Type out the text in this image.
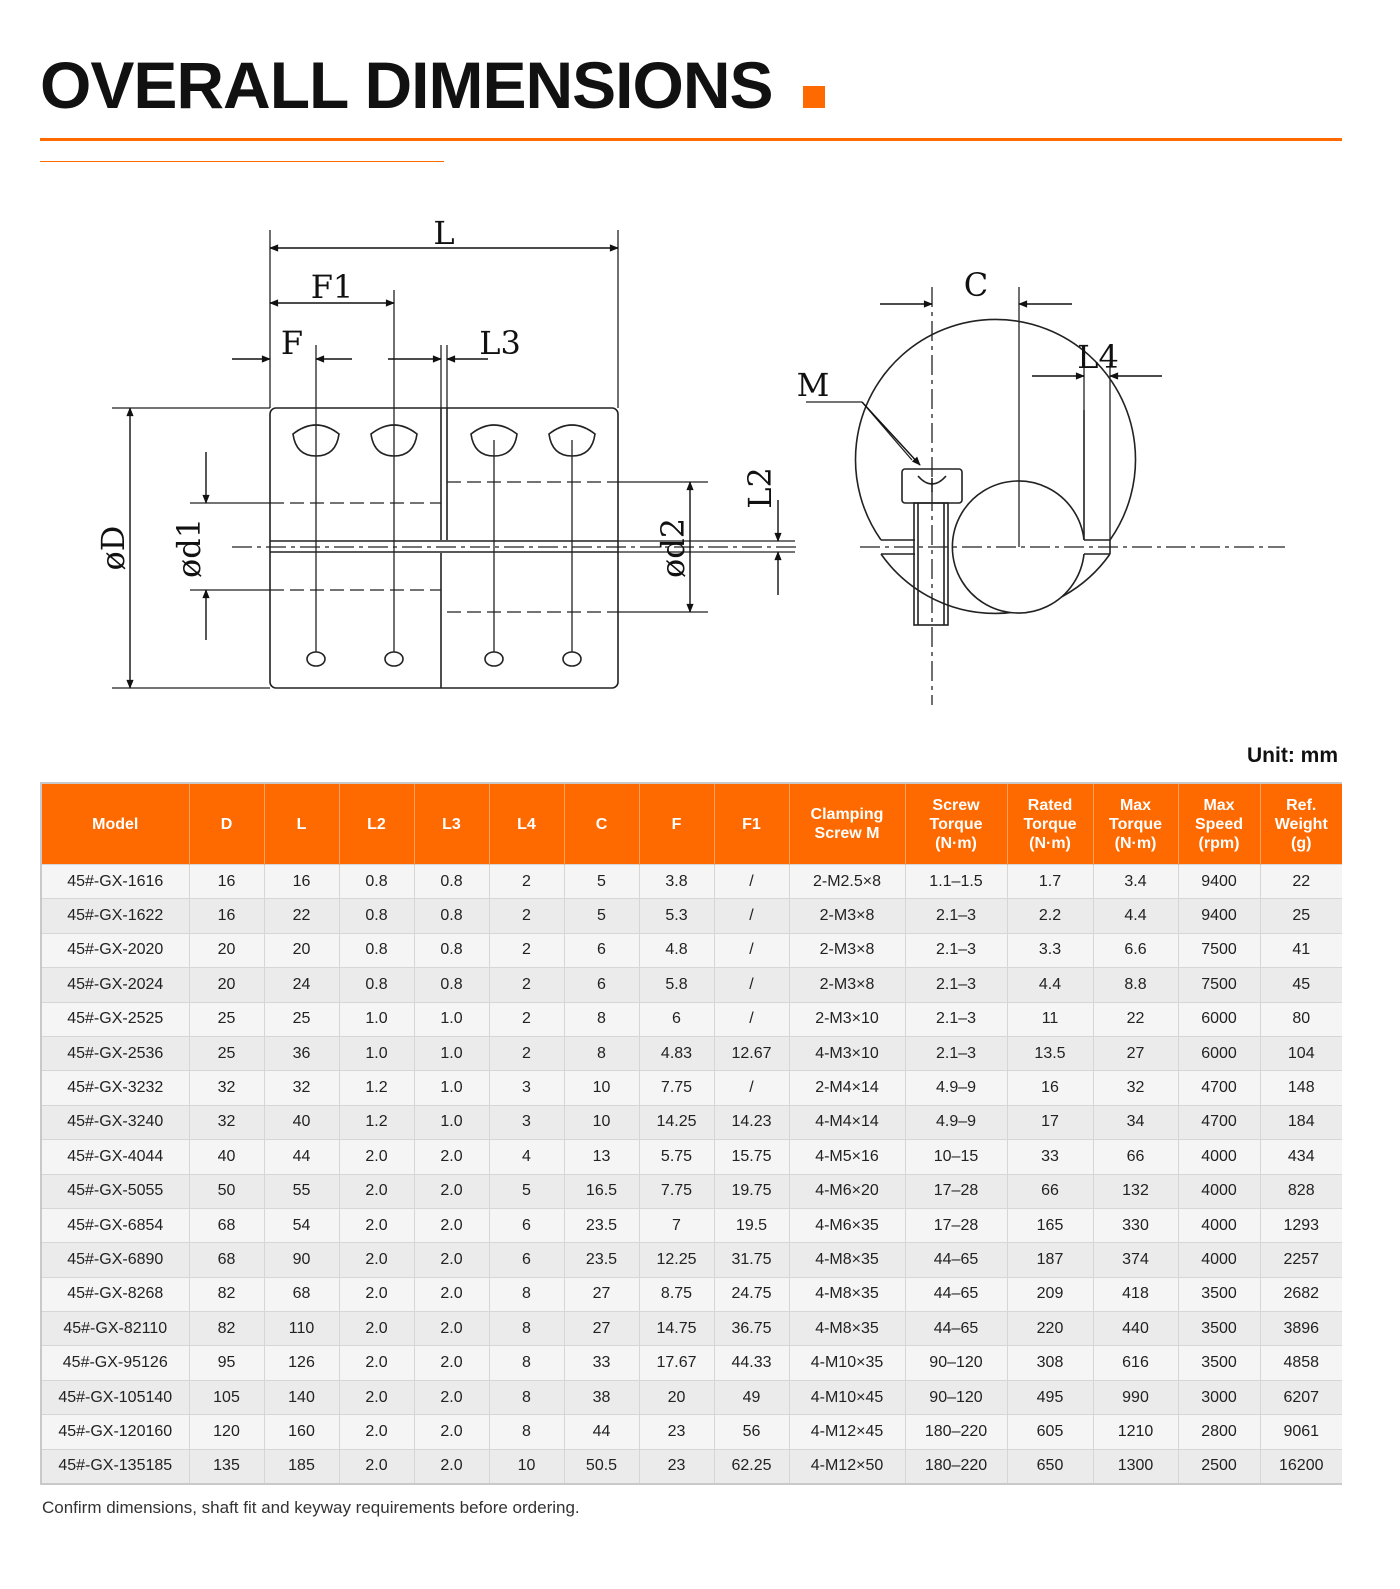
OVERALL DIMENSIONS
L
F1
F	L3
øD ød1	ød2
L2
C
L4
M
Unit: mm
Model	D	L	L2	L3	L4	C	F	F1	Clamping Screw M	Screw Torque (N·m)	Rated Torque (N·m)	Max Torque (N·m)	Max Speed (rpm)	Ref. Weight (g)
45#-GX-1616	16	16	0.8	0.8	2	5	3.8	/	2-M2.5×8	1.1–1.5	1.7	3.4	9400	22
45#-GX-1622	16	22	0.8	0.8	2	5	5.3	/	2-M3×8	2.1–3	2.2	4.4	9400	25
45#-GX-2020	20	20	0.8	0.8	2	6	4.8	/	2-M3×8	2.1–3	3.3	6.6	7500	41
45#-GX-2024	20	24	0.8	0.8	2	6	5.8	/	2-M3×8	2.1–3	4.4	8.8	7500	45
45#-GX-2525	25	25	1.0	1.0	2	8	6	/	2-M3×10	2.1–3	11	22	6000	80
45#-GX-2536	25	36	1.0	1.0	2	8	4.83	12.67	4-M3×10	2.1–3	13.5	27	6000	104
45#-GX-3232	32	32	1.2	1.0	3	10	7.75	/	2-M4×14	4.9–9	16	32	4700	148
45#-GX-3240	32	40	1.2	1.0	3	10	14.25	14.23	4-M4×14	4.9–9	17	34	4700	184
45#-GX-4044	40	44	2.0	2.0	4	13	5.75	15.75	4-M5×16	10–15	33	66	4000	434
45#-GX-5055	50	55	2.0	2.0	5	16.5	7.75	19.75	4-M6×20	17–28	66	132	4000	828
45#-GX-6854	68	54	2.0	2.0	6	23.5	7	19.5	4-M6×35	17–28	165	330	4000	1293
45#-GX-6890	68	90	2.0	2.0	6	23.5	12.25	31.75	4-M8×35	44–65	187	374	4000	2257
45#-GX-8268	82	68	2.0	2.0	8	27	8.75	24.75	4-M8×35	44–65	209	418	3500	2682
45#-GX-82110	82	110	2.0	2.0	8	27	14.75	36.75	4-M8×35	44–65	220	440	3500	3896
45#-GX-95126	95	126	2.0	2.0	8	33	17.67	44.33	4-M10×35	90–120	308	616	3500	4858
45#-GX-105140	105	140	2.0	2.0	8	38	20	49	4-M10×45	90–120	495	990	3000	6207
45#-GX-120160	120	160	2.0	2.0	8	44	23	56	4-M12×45	180–220	605	1210	2800	9061
45#-GX-135185	135	185	2.0	2.0	10	50.5	23	62.25	4-M12×50	180–220	650	1300	2500	16200
Confirm dimensions, shaft fit and keyway requirements before ordering.
